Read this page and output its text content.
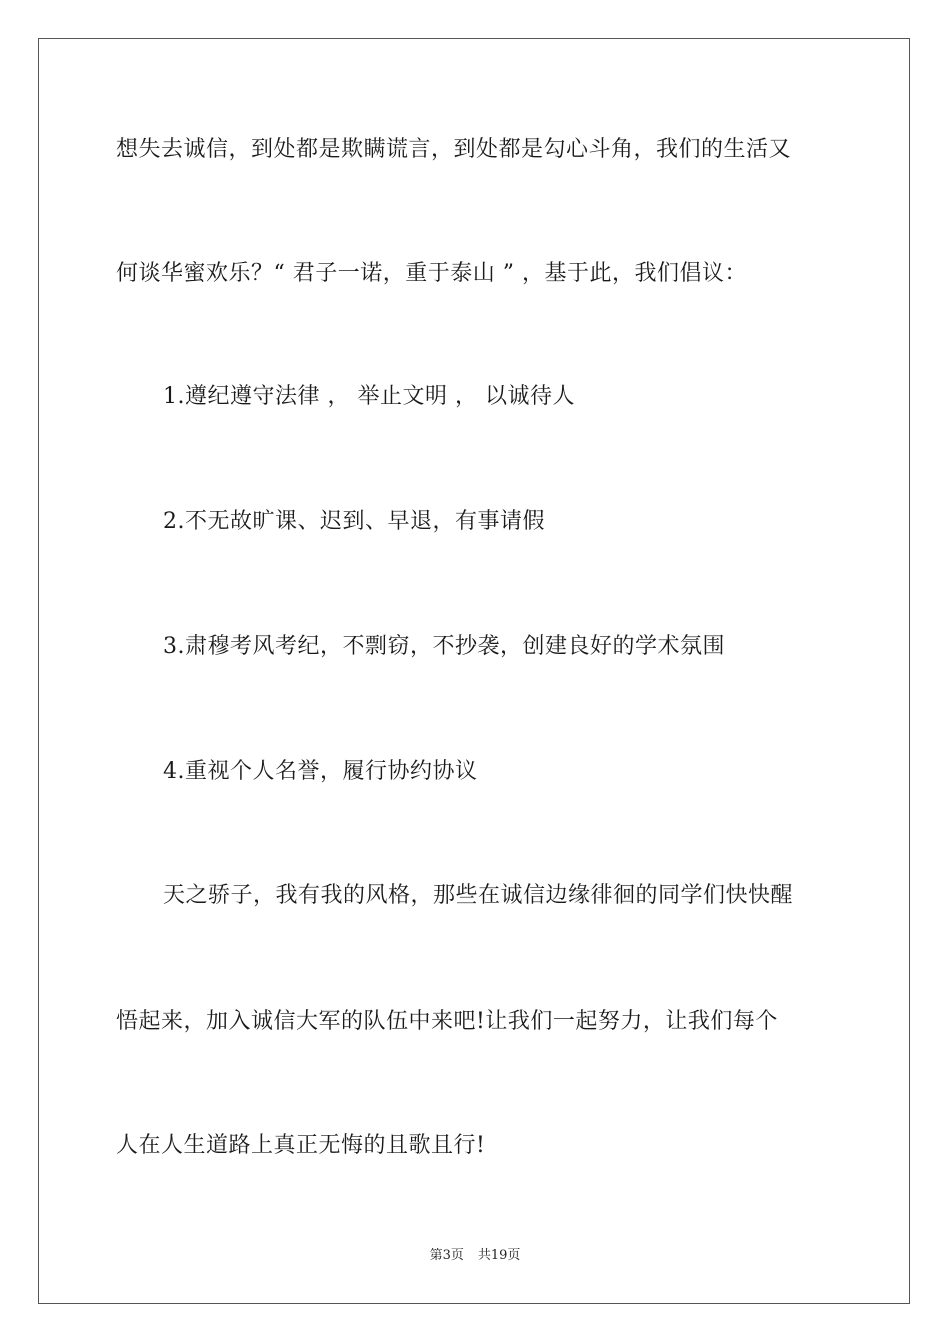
想失去诚信，到处都是欺瞒谎言，到处都是勾心斗角，我们的生活又
何谈华蜜欢乐？“ 君子一诺，重于泰山 ” ，基于此，我们倡议：
1.遵纪遵守法律 ， 举止文明 ， 以诚待人
2.不无故旷课、迟到、早退，有事请假
3.肃穆考风考纪，不剽窃，不抄袭，创建良好的学术氛围
4.重视个人名誉，履行协约协议
天之骄子，我有我的风格，那些在诚信边缘徘徊的同学们快快醒
悟起来，加入诚信大军的队伍中来吧!让我们一起努力，让我们每个
人在人生道路上真正无悔的且歌且行!
第3页 共19页
